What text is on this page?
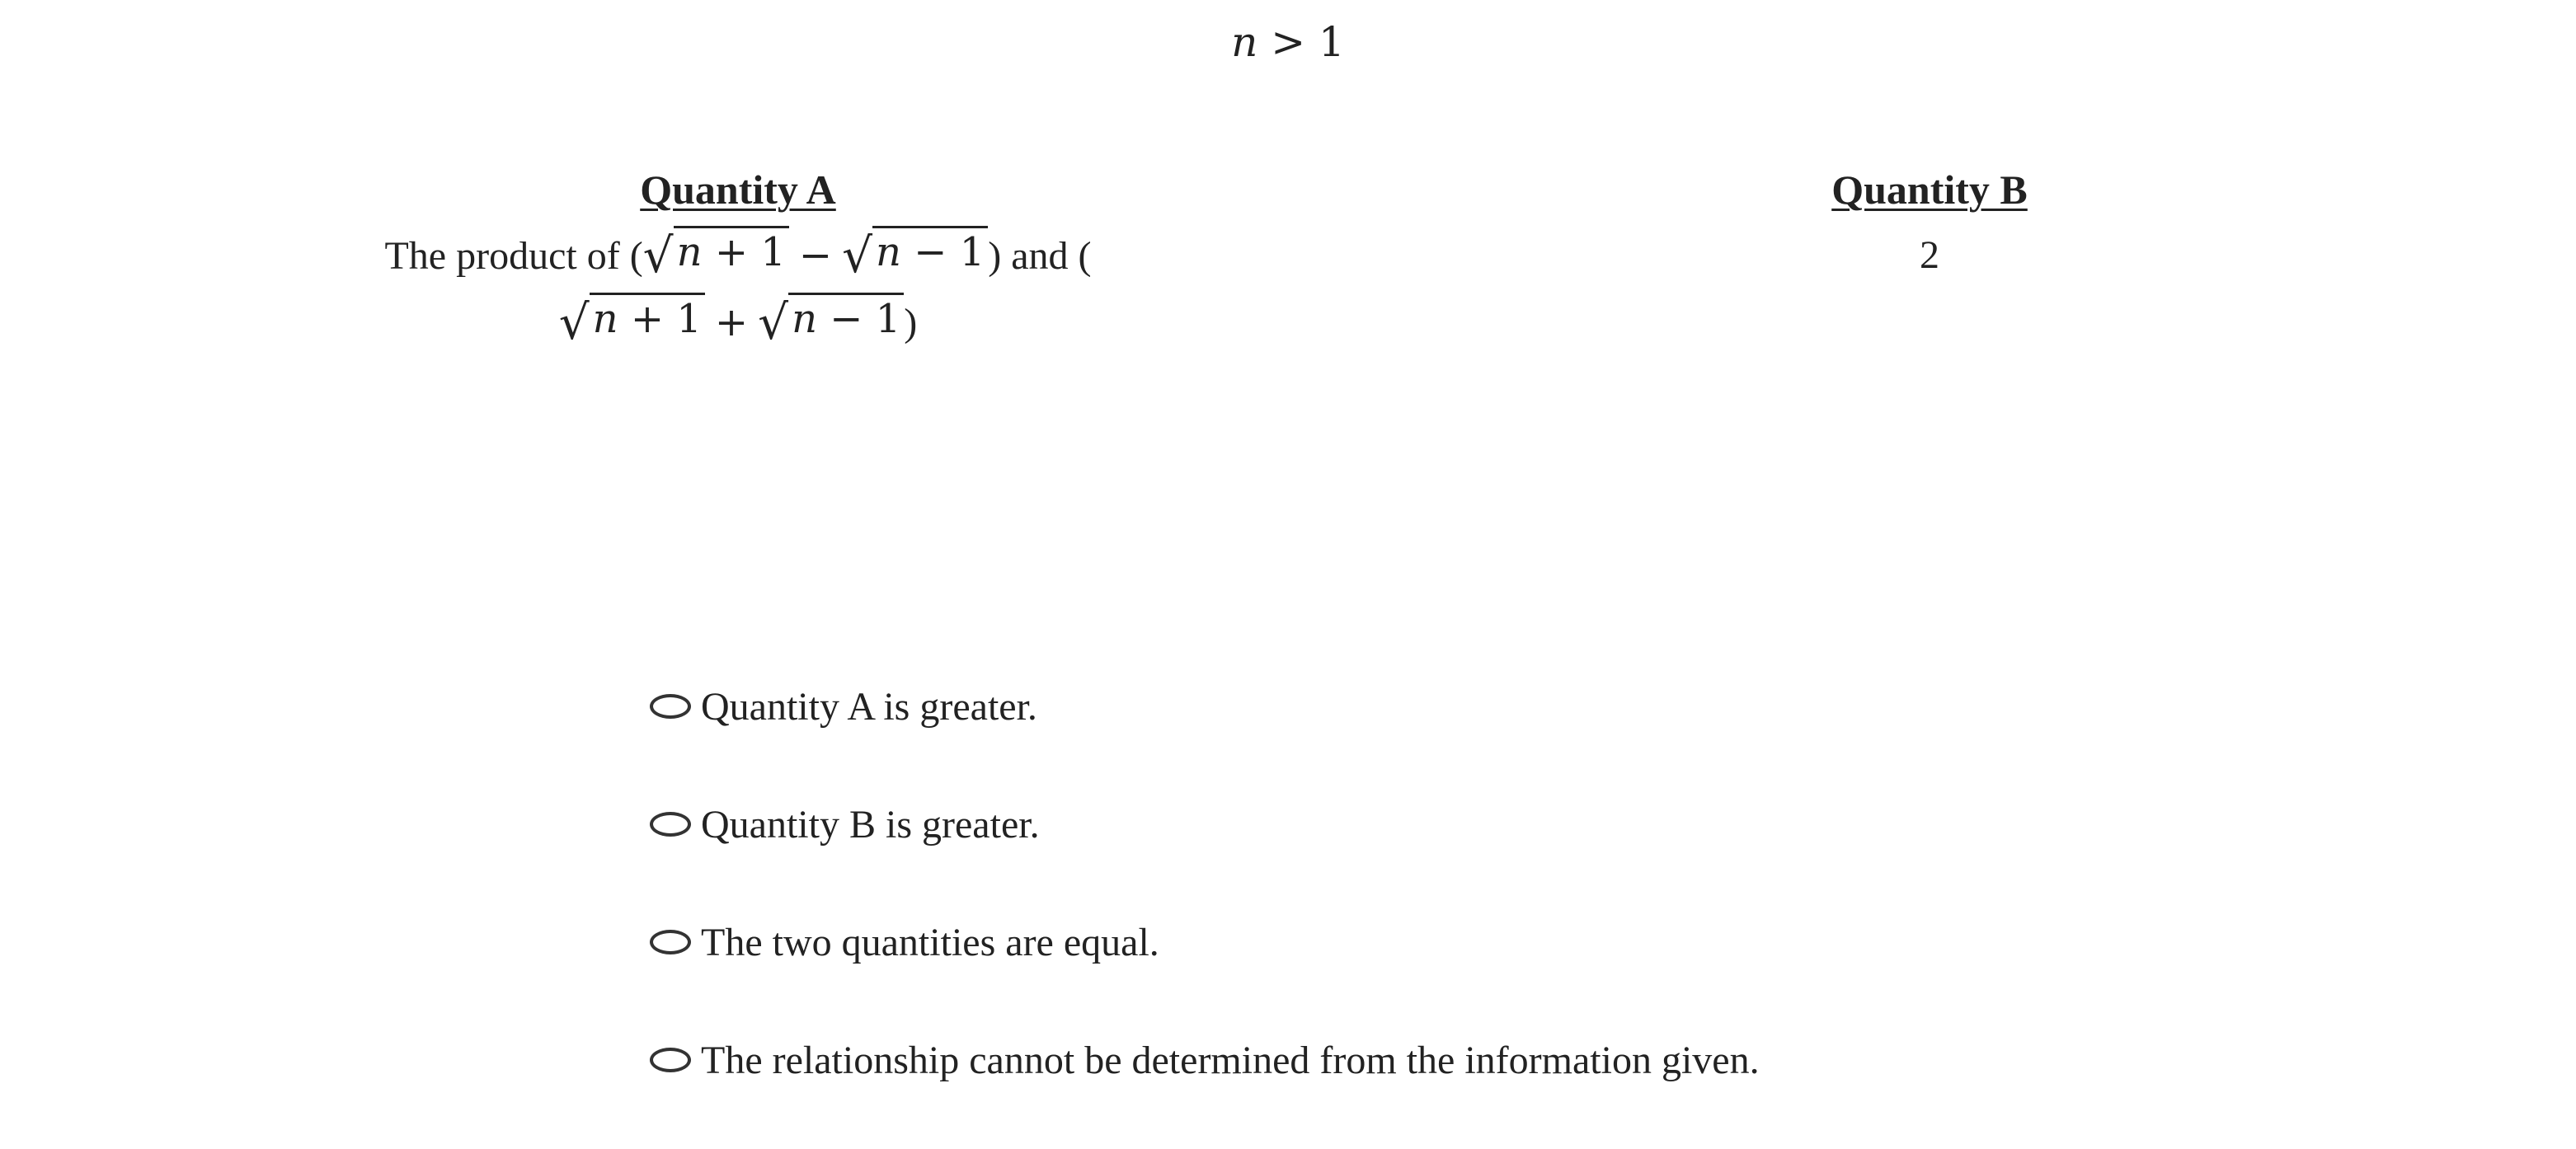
n > 1
Quantity A
The product of ( √ n + 1 − √ n − 1 ) and (
√ n + 1 + √ n − 1 )
Quantity B
2
Quantity A is greater.
Quantity B is greater.
The two quantities are equal.
The relationship cannot be determined from the information given.
